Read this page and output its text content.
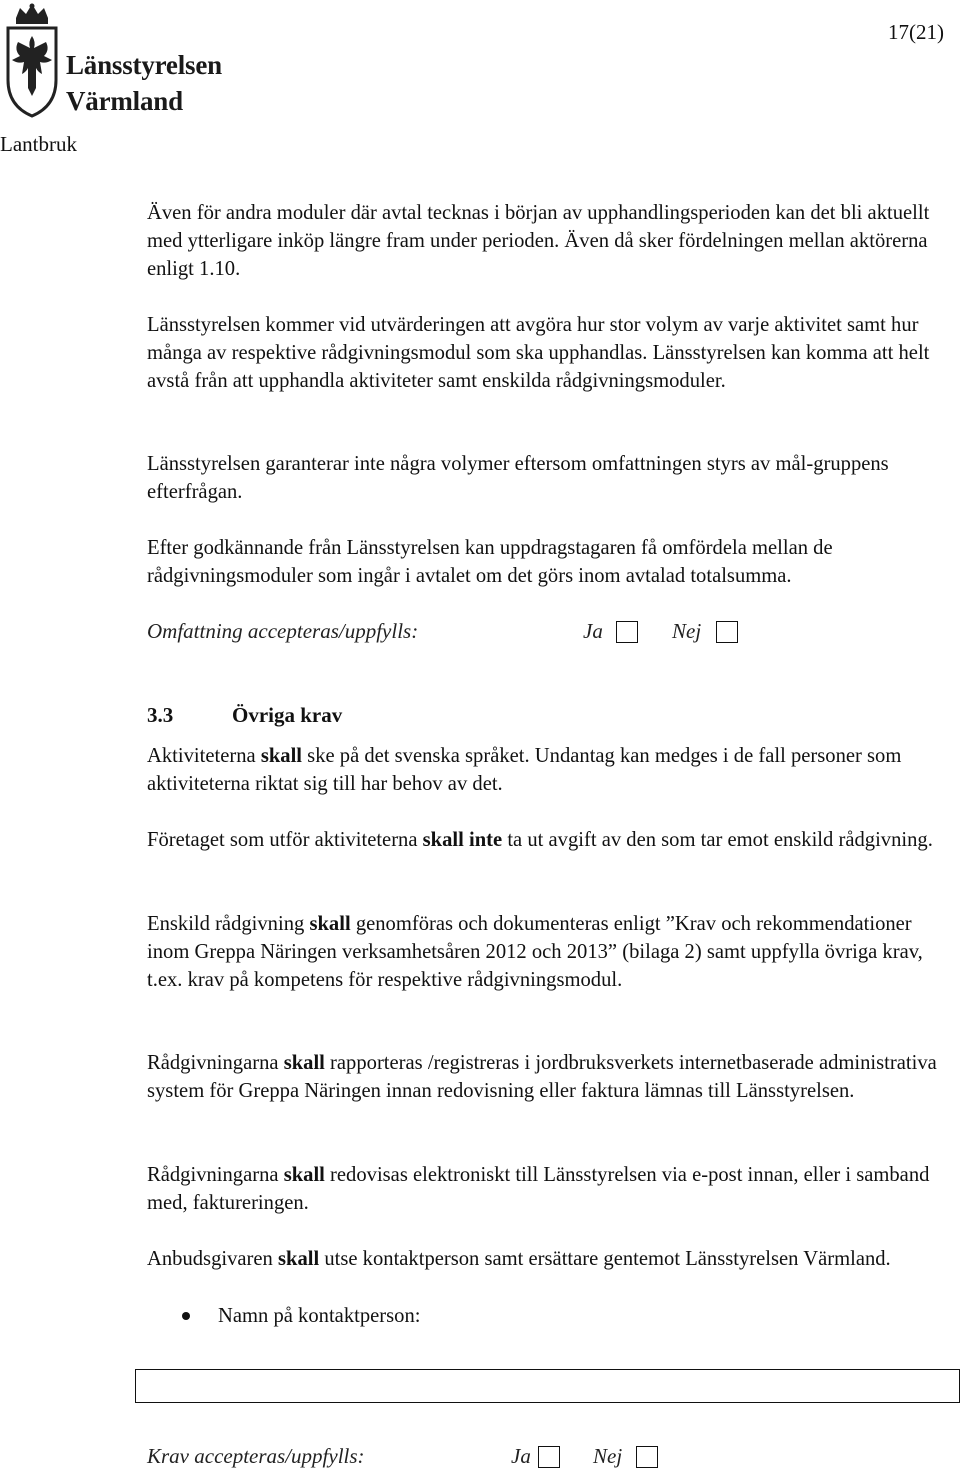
Länsstyrelsen
Värmland
17(21)
Lantbruk
Även för andra moduler där avtal tecknas i början av upphandlingsperioden kan det bli aktuellt med ytterligare inköp längre fram under perioden. Även då sker fördelningen mellan aktörerna enligt 1.10.
Länsstyrelsen kommer vid utvärderingen att avgöra hur stor volym av varje aktivitet samt hur många av respektive rådgivningsmodul som ska upphandlas. Länsstyrelsen kan komma att helt avstå från att upphandla aktiviteter samt enskilda rådgivningsmoduler.
Länsstyrelsen garanterar inte några volymer eftersom omfattningen styrs av mål-gruppens efterfrågan.
Efter godkännande från Länsstyrelsen kan uppdragstagaren få omfördela mellan de rådgivningsmoduler som ingår i avtalet om det görs inom avtalad totalsumma.
Omfattning accepteras/uppfylls:	Ja	Nej
3.3	Övriga krav
Aktiviteterna skall ske på det svenska språket. Undantag kan medges i de fall personer som aktiviteterna riktat sig till har behov av det.
Företaget som utför aktiviteterna skall inte ta ut avgift av den som tar emot enskild rådgivning.
Enskild rådgivning skall genomföras och dokumenteras enligt ”Krav och rekommendationer inom Greppa Näringen verksamhetsåren 2012 och 2013” (bilaga 2) samt uppfylla övriga krav, t.ex. krav på kompetens för respektive rådgivningsmodul.
Rådgivningarna skall rapporteras /registreras i jordbruksverkets internetbaserade administrativa system för Greppa Näringen innan redovisning eller faktura lämnas till Länsstyrelsen.
Rådgivningarna skall redovisas elektroniskt till Länsstyrelsen via e-post innan, eller i samband med, faktureringen.
Anbudsgivaren skall utse kontaktperson samt ersättare gentemot Länsstyrelsen Värmland.
Namn på kontaktperson:
Krav accepteras/uppfylls:	Ja	Nej
